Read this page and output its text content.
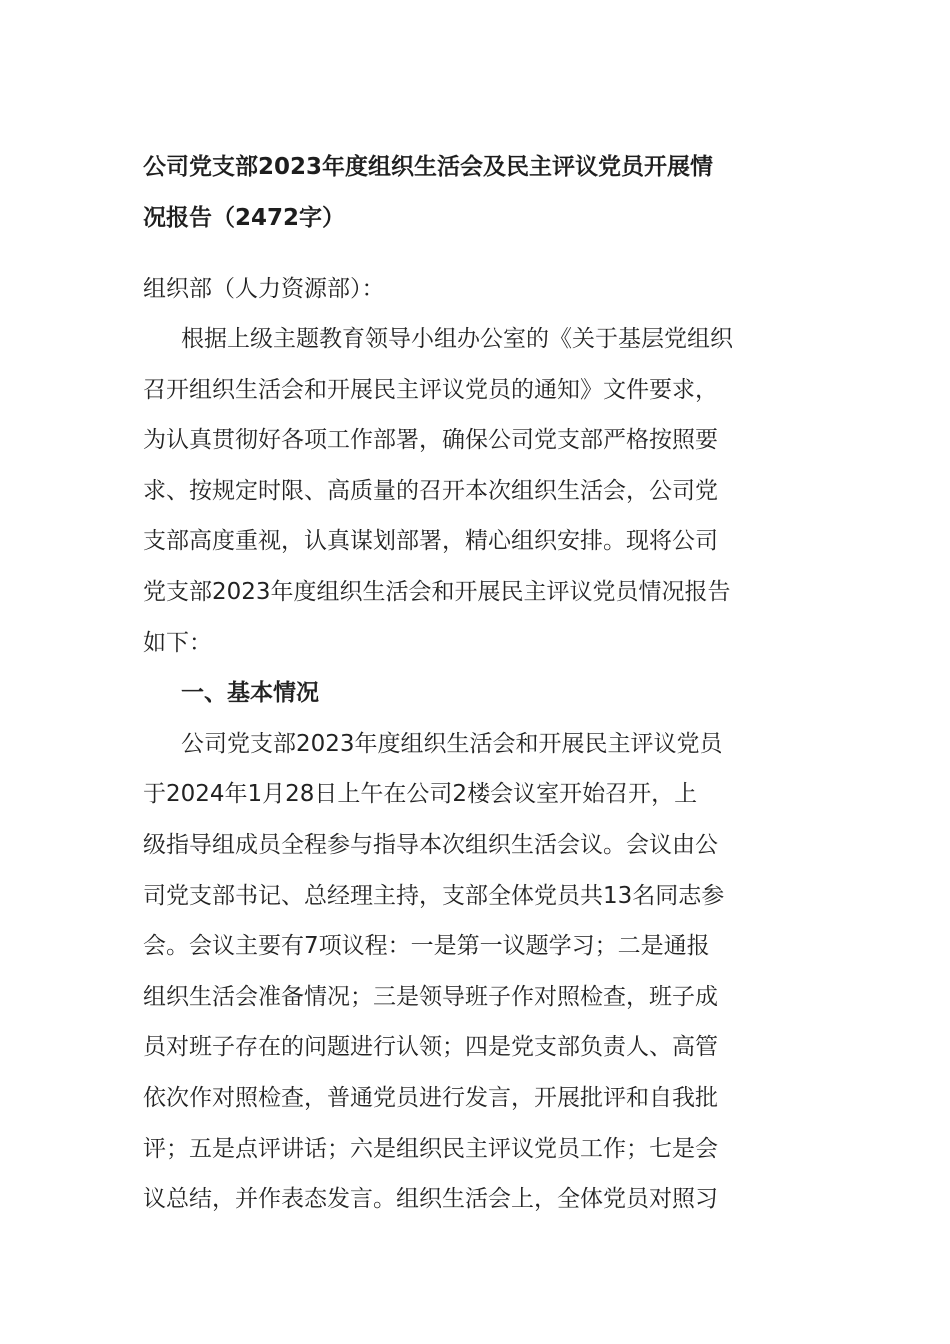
公司党支部2023年度组织生活会及民主评议党员开展情
况报告（2472字）
组织部（人力资源部）：
根据上级主题教育领导小组办公室的《关于基层党组织
召开组织生活会和开展民主评议党员的通知》文件要求，
为认真贯彻好各项工作部署，确保公司党支部严格按照要
求、按规定时限、高质量的召开本次组织生活会，公司党
支部高度重视，认真谋划部署，精心组织安排。现将公司
党支部2023年度组织生活会和开展民主评议党员情况报告
如下：
一、基本情况
公司党支部2023年度组织生活会和开展民主评议党员
于2024年1月28日上午在公司2楼会议室开始召开，上
级指导组成员全程参与指导本次组织生活会议。会议由公
司党支部书记、总经理主持，支部全体党员共13名同志参
会。会议主要有7项议程：一是第一议题学习；二是通报
组织生活会准备情况；三是领导班子作对照检查，班子成
员对班子存在的问题进行认领；四是党支部负责人、高管
依次作对照检查，普通党员进行发言，开展批评和自我批
评；五是点评讲话；六是组织民主评议党员工作；七是会
议总结，并作表态发言。组织生活会上，全体党员对照习
